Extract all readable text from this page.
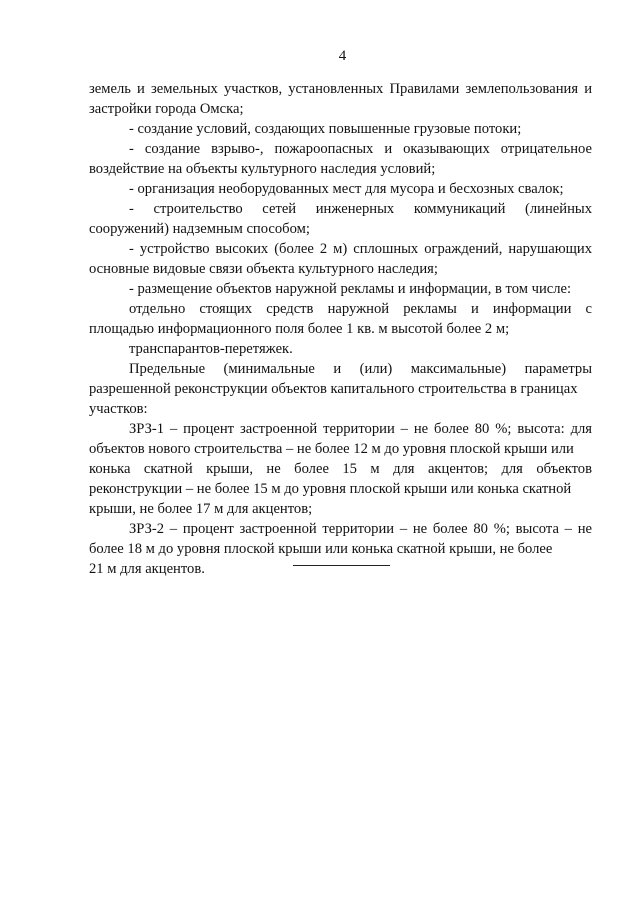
4
земель и земельных участков, установленных Правилами землепользования и
застройки города Омска;
- создание условий, создающих повышенные грузовые потоки;
- создание взрыво-, пожароопасных и оказывающих отрицательное
воздействие на объекты культурного наследия условий;
- организация необорудованных мест для мусора и бесхозных свалок;
- строительство сетей инженерных коммуникаций (линейных
сооружений) надземным способом;
- устройство высоких (более 2 м) сплошных ограждений, нарушающих
основные видовые связи объекта культурного наследия;
- размещение объектов наружной рекламы и информации, в том числе:
отдельно стоящих средств наружной рекламы и информации с
площадью информационного поля более 1 кв. м высотой более 2 м;
транспарантов-перетяжек.
Предельные (минимальные и (или) максимальные) параметры
разрешенной реконструкции объектов капитального строительства в границах
участков:
ЗРЗ-1 – процент застроенной территории – не более 80 %; высота: для
объектов нового строительства – не более 12 м до уровня плоской крыши или
конька скатной крыши, не более 15 м для акцентов; для объектов
реконструкции – не более 15 м до уровня плоской крыши или конька скатной
крыши, не более 17 м для акцентов;
ЗРЗ-2 – процент застроенной территории – не более 80 %; высота – не
более 18 м до уровня плоской крыши или конька скатной крыши, не более
21 м для акцентов.
